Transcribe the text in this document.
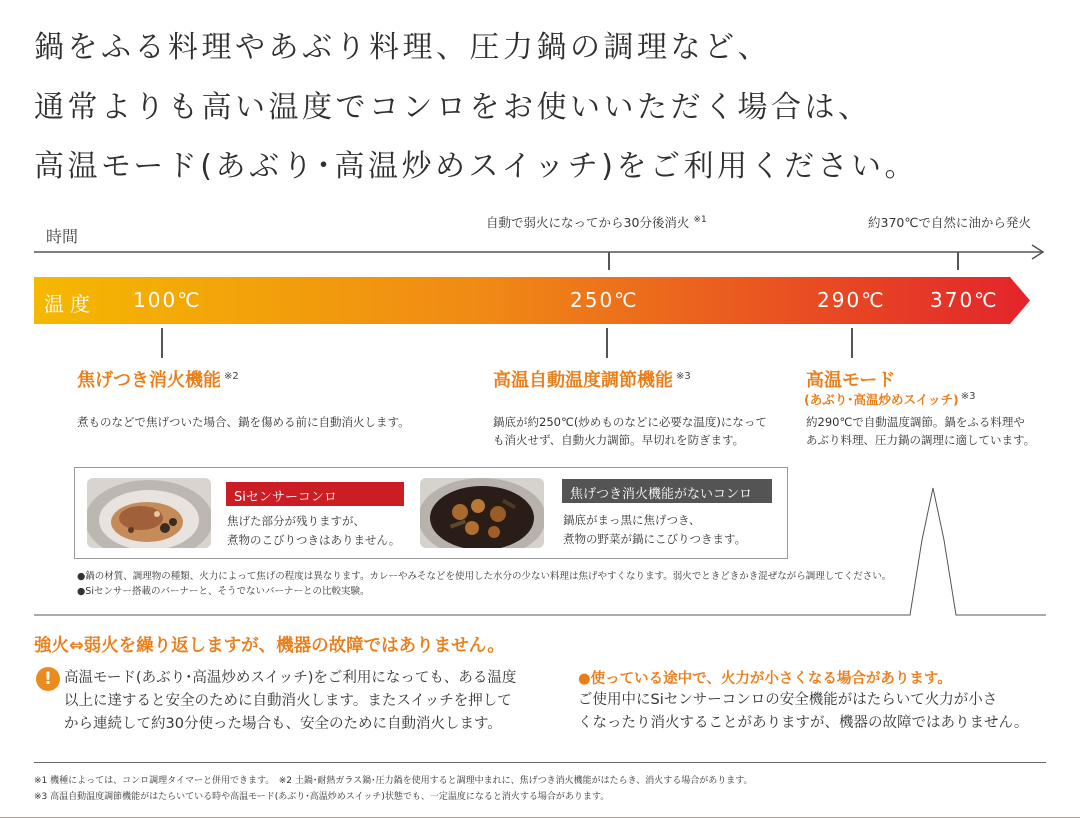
鍋をふる料理やあぶり料理、圧力鍋の調理など、
通常よりも高い温度でコンロをお使いいただく場合は、
高温モード(あぶり･高温炒めスイッチ)をご利用ください。
時間
自動で弱火になってから30分後消火 $^{※1}$	約370℃で自然に油から発火
温度 100℃	250℃	290℃ 370℃
焦げつき消火機能 $^{※2}$
煮ものなどで焦げついた場合、鍋を傷める前に自動消火します。
高温自動温度調節機能 $^{※3}$
鍋底が約250℃(炒めものなどに必要な温度)になって
も消火せず、自動火力調節。早切れを防ぎます。
高温モード
(あぶり･高温炒めスイッチ) $^{※3}$
約290℃で自動温度調節。鍋をふる料理や
あぶり料理、圧力鍋の調理に適しています。
Siセンサーコンロ
焦げた部分が残りますが、
煮物のこびりつきはありません。
焦げつき消火機能がないコンロ
鍋底がまっ黒に焦げつき、
煮物の野菜が鍋にこびりつきます。
●鍋の材質、調理物の種類、火力によって焦げの程度は異なります。カレーやみそなどを使用した水分の少ない料理は焦げやすくなります。弱火でときどきかき混ぜながら調理してください。
●Siセンサー搭載のバーナーと、そうでないバーナーとの比較実験。
強火⇔弱火を繰り返しますが、機器の故障ではありません。
! 高温モード(あぶり･高温炒めスイッチ)をご利用になっても、ある温度
以上に達すると安全のために自動消火します。またスイッチを押して
から連続して約30分使った場合も、安全のために自動消火します。
●使っている途中で、火力が小さくなる場合があります。
ご使用中にSiセンサーコンロの安全機能がはたらいて火力が小さ
くなったり消火することがありますが、機器の故障ではありません。
※1 機種によっては、コンロ調理タイマーと併用できます。　※2 土鍋･耐熱ガラス鍋･圧力鍋を使用すると調理中まれに、焦げつき消火機能がはたらき、消火する場合があります。
※3 高温自動温度調節機能がはたらいている時や高温モード(あぶり･高温炒めスイッチ)状態でも、一定温度になると消火する場合があります。
